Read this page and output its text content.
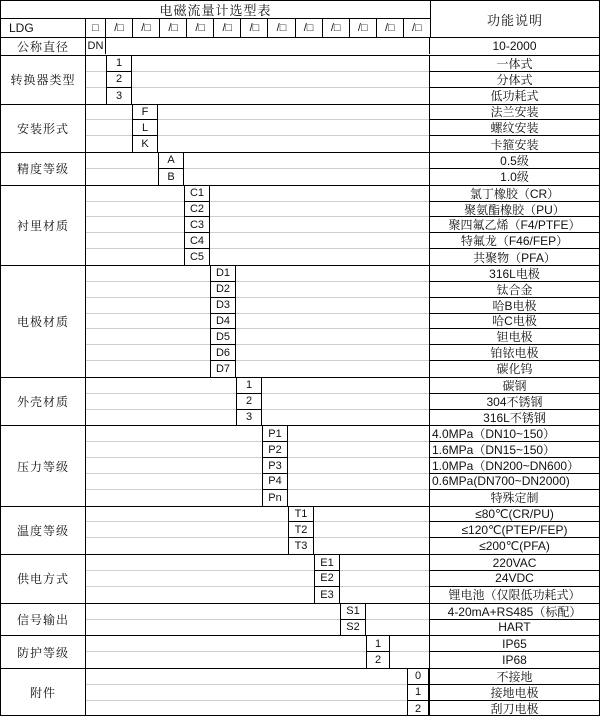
电磁流量计选型表
LDG	□	/□	/□	/□	/□	/□	/□	/□	/□	/□	/□	/□	/□
功能说明
公称直径	DN	10-2000
转换器类型
1	一体式
2	分体式
3	低功耗式
安装形式
F	法兰安装
L	螺纹安装
K	卡箍安装
精度等级
A	0.5级
B	1.0级
衬里材质
C1	氯丁橡胶（CR）
C2	聚氨酯橡胶（PU）
C3	聚四氟乙烯（F4/PTFE）
C4	特氟龙（F46/FEP）
C5	共聚物（PFA）
电极材质
D1	316L电极
D2	钛合金
D3	哈B电极
D4	哈C电极
D5	钽电极
D6	铂铱电极
D7	碳化钨
外壳材质
1	碳钢
2	304不锈钢
3	316L不锈钢
压力等级
P1	4.0MPa（DN10~150）
P2	1.6MPa（DN15~150）
P3	1.0MPa（DN200~DN600）
P4	0.6MPa(DN700~DN2000)
Pn	特殊定制
温度等级
T1	≤80℃(CR/PU)
T2	≤120℃(PTEP/FEP)
T3	≤200℃(PFA)
供电方式
E1	220VAC
E2	24VDC
E3	锂电池（仅限低功耗式）
信号输出
S1	4-20mA+RS485（标配）
S2	HART
防护等级
1	IP65
2	IP68
附件
0	不接地
1	接地电极
2	刮刀电极
